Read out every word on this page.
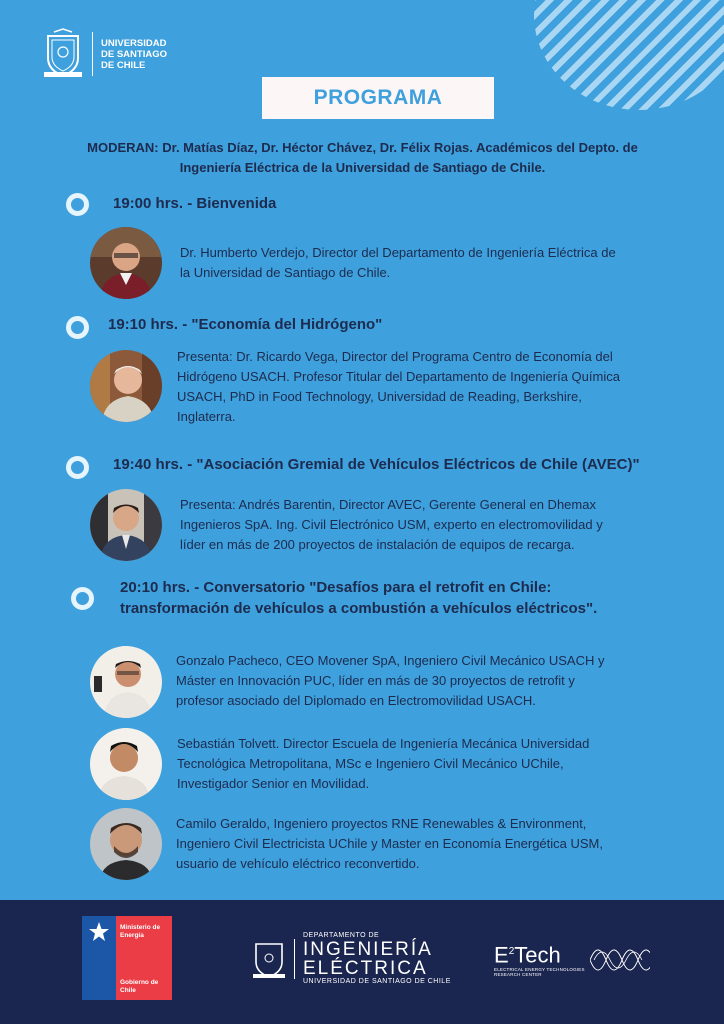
UNIVERSIDAD
DE SANTIAGO
DE CHILE
PROGRAMA
MODERAN: Dr. Matías Díaz, Dr. Héctor Chávez, Dr. Félix Rojas. Académicos del Depto. de
Ingeniería Eléctrica de la Universidad de Santiago de Chile.
19:00 hrs. - Bienvenida
Dr. Humberto Verdejo, Director del Departamento de Ingeniería Eléctrica de
la Universidad de Santiago de Chile.
19:10 hrs. - "Economía del Hidrógeno"
Presenta: Dr. Ricardo Vega, Director del Programa Centro de Economía del
Hidrógeno USACH. Profesor Titular del Departamento de Ingeniería Química
USACH, PhD in Food Technology, Universidad de Reading, Berkshire,
Inglaterra.
19:40 hrs. - "Asociación Gremial de Vehículos Eléctricos de Chile (AVEC)"
Presenta: Andrés Barentin, Director AVEC, Gerente General en Dhemax
Ingenieros SpA. Ing. Civil Electrónico USM, experto en electromovilidad y
líder en más de 200 proyectos de instalación de equipos de recarga.
20:10 hrs. - Conversatorio "Desafíos para el retrofit en Chile:
transformación de vehículos a combustión a vehículos eléctricos".
Gonzalo Pacheco, CEO Movener SpA, Ingeniero Civil Mecánico USACH y
Máster en Innovación PUC, líder en más de 30 proyectos de retrofit y
profesor asociado del Diplomado en Electromovilidad USACH.
Sebastián Tolvett. Director Escuela de Ingeniería Mecánica Universidad
Tecnológica Metropolitana, MSc e Ingeniero Civil Mecánico UChile,
Investigador Senior en Movilidad.
Camilo Geraldo, Ingeniero proyectos RNE Renewables & Environment,
Ingeniero Civil Electricista UChile y Master en Economía Energética USM,
usuario de vehículo eléctrico reconvertido.
Ministerio de
Energía
Gobierno de Chile
DEPARTAMENTO DE
INGENIERÍA
ELÉCTRICA
UNIVERSIDAD DE SANTIAGO DE CHILE
$E^2Tech$
ELECTRICAL ENERGY TECHNOLOGIES RESEARCH CENTER
